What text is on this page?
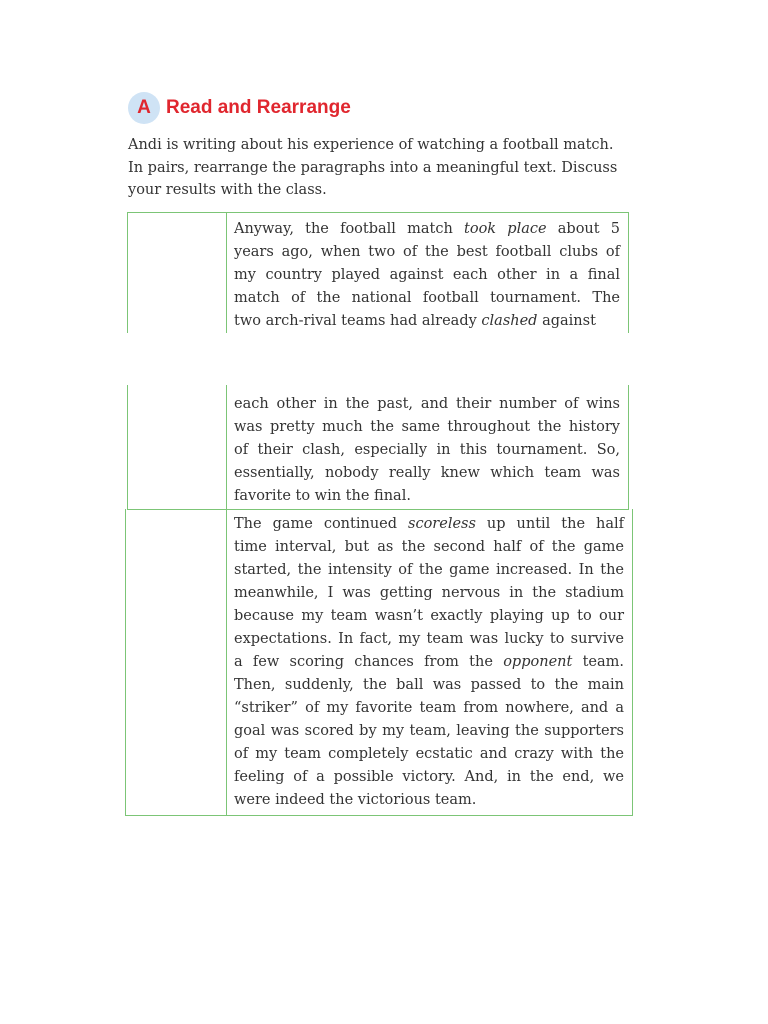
A Read and Rearrange

Andi is writing about his experience of watching a football match.

In pairs, rearrange the paragraphs into a meaningful text. Discuss

your results with the class.

Anyway, the football match took place about 5
years ago, when two of the best football clubs of
my country played against each other in a final
match of the national football tournament. The
two arch-rival teams had already clashed against
each other in the past, and their number of wins
was pretty much the same throughout the history
of their clash, especially in this tournament. So,
essentially, nobody really knew which team was
favorite to win the final.
The game continued scoreless up until the half
time interval, but as the second half of the game
started, the intensity of the game increased. In the
meanwhile, I was getting nervous in the stadium
because my team wasn’t exactly playing up to our
expectations. In fact, my team was lucky to survive
a few scoring chances from the opponent team.
Then, suddenly, the ball was passed to the main
“striker” of my favorite team from nowhere, and a
goal was scored by my team, leaving the supporters
of my team completely ecstatic and crazy with the
feeling of a possible victory. And, in the end, we
were indeed the victorious team.
